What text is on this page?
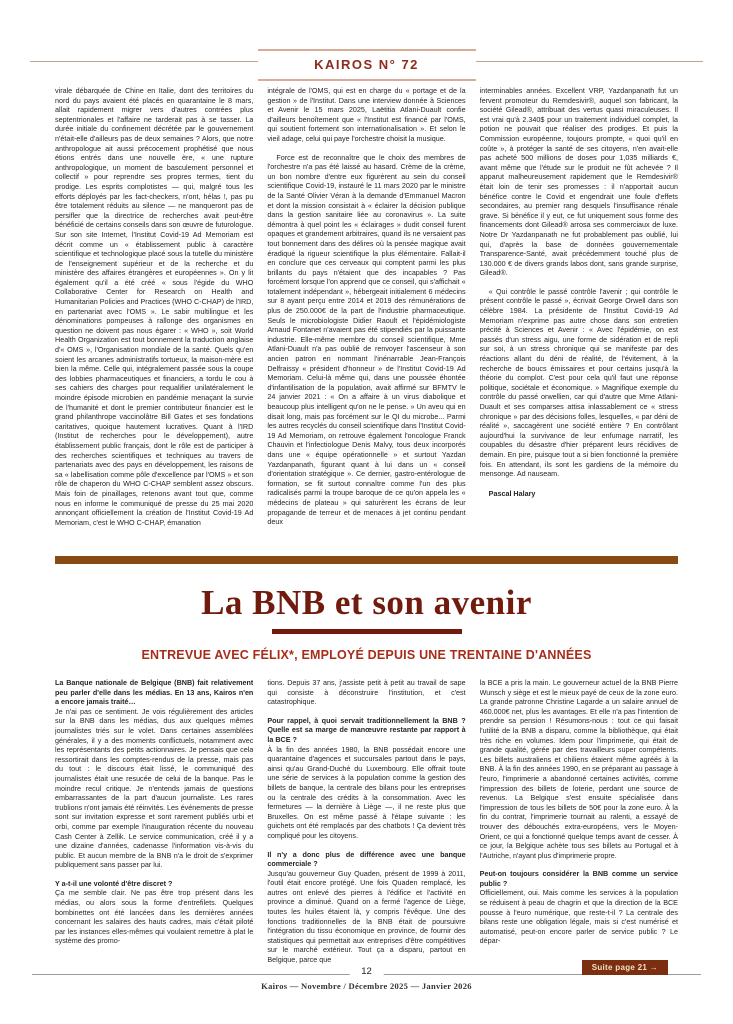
KAIROS N° 72

virale débarquée de Chine en Italie, dont des territoires du nord du pays avaient été placés en quarantaine le 8 mars, allait rapidement migrer vers d'autres contrées plus septentrionales et l'affaire ne tarderait pas à se tasser. La durée initiale du confinement décrétée par le gouvernement n'était-elle d'ailleurs pas de deux semaines ? Alors, que notre anthropologue ait aussi précocement prophétisé que nous étions entrés dans une nouvelle ère, « une rupture anthropologique, un moment de basculement personnel et collectif » pour reprendre ses propres termes, tient du prodige. Les esprits complotistes — qui, malgré tous les efforts déployés par les fact-checkers, n'ont, hélas !, pas pu être totalement réduits au silence — ne manqueront pas de persifler que la directrice de recherches avait peut-être bénéficié de certains conseils dans son œuvre de futurologue. Sur son site Internet, l'Institut Covid-19 Ad Memoriam est décrit comme un « établissement public à caractère scientifique et technologique placé sous la tutelle du ministère de l'enseignement supérieur et de la recherche et du ministère des affaires étrangères et européennes ». On y lit également qu'il a été créé « sous l'égide du WHO Collaborative Center for Research on Health and Humanitarian Policies and Practices (WHO C-CHAP) de l'IRD, en partenariat avec l'OMS ». Le sabir multilingue et les dénominations pompeuses à rallonge des organismes en question ne doivent pas nous égarer : « WHO », soit World Health Organization est tout bonnement la traduction anglaise d'« OMS », l'Organisation mondiale de la santé. Quels qu'en soient les arcanes administratifs tortueux, la maison-mère est bien la même. Celle qui, intégralement passée sous la coupe des lobbies pharmaceutiques et financiers, a tordu le cou à ses cahiers des charges pour requalifier unilatéralement le moindre épisode microbien en pandémie menaçant la survie de l'humanité et dont le premier contributeur financier est le grand philanthrope vaccinolâtre Bill Gates et ses fondations caritatives, quoique hautement lucratives. Quant à l'IRD (Institut de recherches pour le développement), autre établissement public français, dont le rôle est de participer à des recherches scientifiques et techniques au travers de partenariats avec des pays en développement, les raisons de sa « labellisation comme pôle d'excellence par l'OMS » et son rôle de chaperon du WHO C-CHAP semblent assez obscurs. Mais foin de pinaillages, retenons avant tout que, comme nous en informe le communiqué de presse du 25 mai 2020 annonçant officiellement la création de l'Institut Covid-19 Ad Memoriam, c'est le WHO C-CHAP, émanation

intégrale de l'OMS, qui est en charge du « portage et de la gestion » de l'Institut. Dans une interview donnée à Sciences et Avenir le 15 mars 2025, Laëtitia Atlani-Duault confie d'ailleurs benoîtement que « l'Institut est financé par l'OMS, qui soutient fortement son internationalisation ». Et selon le vieil adage, celui qui paye l'orchestre choisit la musique.

Force est de reconnaître que le choix des membres de l'orchestre n'a pas été laissé au hasard. Crème de la crème, un bon nombre d'entre eux figurèrent au sein du conseil scientifique Covid-19, instauré le 11 mars 2020 par le ministre de la Santé Olivier Véran à la demande d'Emmanuel Macron et dont la mission consistait à « éclairer la décision publique dans la gestion sanitaire liée au coronavirus ». La suite démontra à quel point les « éclairages » dudit conseil furent opaques et grandement arbitraires, quand ils ne versaient pas tout bonnement dans des délires où la pensée magique avait éradiqué la rigueur scientifique la plus élémentaire. Fallait-il en conclure que ces cerveaux qui comptent parmi les plus brillants du pays n'étaient que des incapables ? Pas forcément lorsque l'on apprend que ce conseil, qui s'affichait « totalement indépendant », hébergeait initialement 6 médecins sur 8 ayant perçu entre 2014 et 2019 des rémunérations de plus de 250.000€ de la part de l'industrie pharmaceutique. Seuls le microbiologiste Didier Raoult et l'épidémiologiste Arnaud Fontanet n'avaient pas été stipendiés par la puissante industrie. Elle-même membre du conseil scientifique, Mme Atlani-Duault n'a pas oublié de renvoyer l'ascenseur à son ancien patron en nommant l'inénarrable Jean-François Delfraissy « président d'honneur » de l'Institut Covid-19 Ad Memoriam. Celui-là même qui, dans une poussée éhontée d'infantilisation de la population, avait affirmé sur BFMTV le 24 janvier 2021 : « On a affaire à un virus diabolique et beaucoup plus intelligent qu'on ne le pense. » Un aveu qui en disait long, mais pas forcément sur le QI du microbe... Parmi les autres recyclés du conseil scientifique dans l'Institut Covid-19 Ad Memoriam, on retrouve également l'oncologue Franck Chauvin et l'infectiologue Denis Malvy, tous deux incorporés dans une « équipe opérationnelle » et surtout Yazdan Yazdanpanath, figurant quant à lui dans un « conseil d'orientation stratégique ». Ce dernier, gastro-entérologue de formation, se fit surtout connaître comme l'un des plus radicalisés parmi la troupe baroque de ce qu'on appela les « médecins de plateau » qui saturèrent les écrans de leur propagande de terreur et de menaces à jet continu pendant deux

interminables années. Excellent VRP, Yazdanpanath fut un fervent promoteur du Remdesivir®, auquel son fabricant, la société Gilead®, attribuait des vertus quasi miraculeuses. Il est vrai qu'à 2.340$ pour un traitement individuel complet, la potion ne pouvait que réaliser des prodiges. Et puis la Commission européenne, toujours prompte, « quoi qu'il en coûte », à protéger la santé de ses citoyens, n'en avait-elle pas acheté 500 millions de doses pour 1,035 milliards €, avant même que l'étude sur le produit ne fût achevée ? Il apparut malheureusement rapidement que le Remdesivir® était loin de tenir ses promesses : il n'apportait aucun bénéfice contre le Covid et engendrait une foule d'effets secondaires, au premier rang desquels l'insuffisance rénale grave. Si bénéfice il y eut, ce fut uniquement sous forme des financements dont Gilead® arrosa ses commerciaux de luxe. Notre Dr Yazdanpanath ne fut probablement pas oublié, lui qui, d'après la base de données gouvernementale Transparence-Santé, avait précédemment touché plus de 130.000 € de divers grands labos dont, sans grande surprise, Gilead®.

« Qui contrôle le passé contrôle l'avenir ; qui contrôle le présent contrôle le passé », écrivait George Orwell dans son célèbre 1984. La présidente de l'Institut Covid-19 Ad Memoriam n'exprime pas autre chose dans son entretien précité à Sciences et Avenir : « Avec l'épidémie, on est passés d'un stress aigu, une forme de sidération et de repli sur soi, à un stress chronique qui se manifeste par des réactions allant du déni de réalité, de l'évitement, à la recherche de boucs émissaires et pour certains jusqu'à la théorie du complot. C'est pour cela qu'il faut une réponse politique, sociétale et économique. » Magnifique exemple du contrôle du passé orwellien, car qui d'autre que Mme Atlani-Duault et ses comparses attisa inlassablement ce « stress chronique » par des décisions folles, lesquelles, « par déni de réalité », saccagèrent une société entière ? En contrôlant aujourd'hui la survivance de leur enfumage narratif, les coupables du désastre d'hier préparent leurs récidives de demain. En pire, puisque tout a si bien fonctionné la première fois. En attendant, ils sont les gardiens de la mémoire du mensonge. Ad nauseam.

Pascal Halary

La BNB et son avenir
ENTREVUE AVEC FÉLIX*, EMPLOYÉ DEPUIS UNE TRENTAINE D'ANNÉES

La Banque nationale de Belgique (BNB) fait relativement peu parler d'elle dans les médias. En 13 ans, Kairos n'en a encore jamais traité…

Je n'ai pas ce sentiment. Je vois régulièrement des articles sur la BNB dans les médias, dus aux quelques mêmes journalistes triés sur le volet. Dans certaines assemblées générales, il y a des moments conflictuels, notamment avec les représentants des petits actionnaires. Je pensais que cela ressortirait dans les comptes-rendus de la presse, mais pas du tout : le discours était lissé, le communiqué des journalistes était une resucée de celui de la banque. Pas le moindre recul critique. Je n'entends jamais de questions embarrassantes de la part d'aucun journaliste. Les rares trublions n'ont jamais été réinvités. Les événements de presse sont sur invitation expresse et sont rarement publiés urbi et orbi, comme par exemple l'inauguration récente du nouveau Cash Center à Zellik. Le service communication, créé il y a une dizaine d'années, cadenasse l'information vis-à-vis du public. Et aucun membre de la BNB n'a le droit de s'exprimer publiquement sans passer par lui.

Y a-t-il une volonté d'être discret ?

Ça me semble clair. Ne pas être trop présent dans les médias, ou alors sous la forme d'entrefilets. Quelques bombinettes ont été lancées dans les dernières années concernant les salaires des hauts cadres, mais c'était piloté par les instances elles-mêmes qui voulaient remettre à plat le système des promo-

tions. Depuis 37 ans, j'assiste petit à petit au travail de sape qui consiste à déconstruire l'institution, et c'est catastrophique.

Pour rappel, à quoi servait traditionnellement la BNB ? Quelle est sa marge de manœuvre restante par rapport à la BCE ?

À la fin des années 1980, la BNB possédait encore une quarantaine d'agences et succursales partout dans le pays, ainsi qu'au Grand-Duché du Luxembourg. Elle offrait toute une série de services à la population comme la gestion des billets de banque, la centrale des bilans pour les entreprises ou la centrale des crédits à la consommation. Avec les fermetures — la dernière à Liège —, il ne reste plus que Bruxelles. On est même passé à l'étape suivante : les guichets ont été remplacés par des chatbots ! Ça devient très compliqué pour les citoyens.

Il n'y a donc plus de différence avec une banque commerciale ?

Jusqu'au gouverneur Guy Quaden, présent de 1999 à 2011, l'outil était encore protégé. Une fois Quaden remplacé, les autres ont enlevé des pierres à l'édifice et l'activité en province a diminué. Quand on a fermé l'agence de Liège, toutes les huiles étaient là, y compris l'évêque. Une des fonctions traditionnelles de la BNB était de poursuivre l'intégration du tissu économique en province, de fournir des statistiques qui permettait aux entreprises d'être compétitives sur le marché extérieur. Tout ça a disparu, partout en Belgique, parce que

la BCE a pris la main. Le gouverneur actuel de la BNB Pierre Wunsch y siège et est le mieux payé de ceux de la zone euro. La grande patronne Christine Lagarde a un salaire annuel de 460.000€ net, plus les avantages. Et elle n'a pas l'intention de prendre sa pension ! Résumons-nous : tout ce qui faisait l'utilité de la BNB a disparu, comme la bibliothèque, qui était très riche en volumes. Idem pour l'imprimerie, qui était de grande qualité, gérée par des travailleurs super compétents. Les billets australiens et chiliens étaient même agréés à la BNB. À la fin des années 1990, en se préparant au passage à l'euro, l'imprimerie a abandonné certaines activités, comme l'impression des billets de loterie, perdant une source de revenus. La Belgique s'est ensuite spécialisée dans l'impression de tous les billets de 50€ pour la zone euro. À la fin du contrat, l'imprimerie tournait au ralenti, a essayé de trouver des débouchés extra-européens, vers le Moyen-Orient, ce qui a fonctionné quelque temps avant de cesser. À ce jour, la Belgique achète tous ses billets au Portugal et à l'Autriche, n'ayant plus d'imprimerie propre.

Peut-on toujours considérer la BNB comme un service public ?

Officiellement, oui. Mais comme les services à la population se réduisent à peau de chagrin et que la direction de la BCE pousse à l'euro numérique, que reste-t-il ? La centrale des bilans reste une obligation légale, mais si c'est numérisé et automatisé, peut-on encore parler de service public ? Le dépar-

Suite page 21 →
12
Kairos — Novembre / Décembre 2025 — Janvier 2026
